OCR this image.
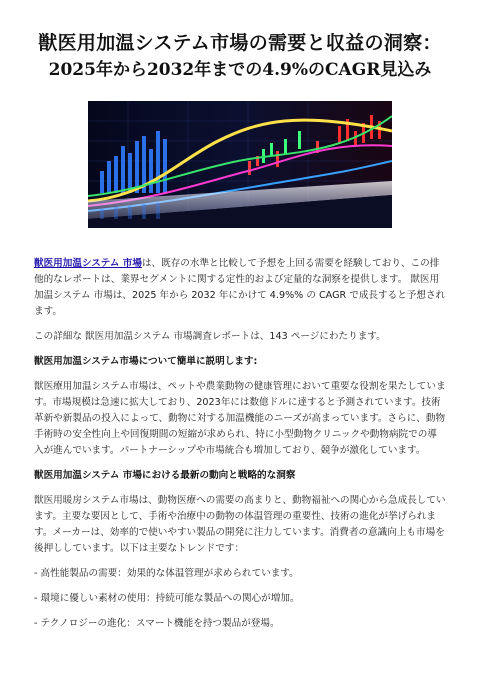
獣医用加温システム市場の需要と収益の洞察：
2025年から2032年までの4.9%のCAGR見込み

獣医用加温システム 市場は、既存の水準と比較して予想を上回る需要を経験しており、この排他的なレポートは、業界セグメントに関する定性的および定量的な洞察を提供します。 獣医用加温システム 市場は、2025 年から 2032 年にかけて 4.9%% の CAGR で成長すると予想されます。

この詳細な 獣医用加温システム 市場調査レポートは、143 ページにわたります。

獣医用加温システム市場について簡単に説明します:

獣医療用加温システム市場は、ペットや農業動物の健康管理において重要な役割を果たしています。市場規模は急速に拡大しており、2023年には数億ドルに達すると予測されています。技術革新や新製品の投入によって、動物に対する加温機能のニーズが高まっています。さらに、動物手術時の安全性向上や回復期間の短縮が求められ、特に小型動物クリニックや動物病院での導入が進んでいます。パートナーシップや市場統合も増加しており、競争が激化しています。

獣医用加温システム 市場における最新の動向と戦略的な洞察

獣医用暖房システム市場は、動物医療への需要の高まりと、動物福祉への関心から急成長しています。主要な要因として、手術や治療中の動物の体温管理の重要性、技術の進化が挙げられます。メーカーは、効率的で使いやすい製品の開発に注力しています。消費者の意識向上も市場を後押ししています。以下は主要なトレンドです：

- 高性能製品の需要：効果的な体温管理が求められています。

- 環境に優しい素材の使用：持続可能な製品への関心が増加。

- テクノロジーの進化：スマート機能を持つ製品が登場。
